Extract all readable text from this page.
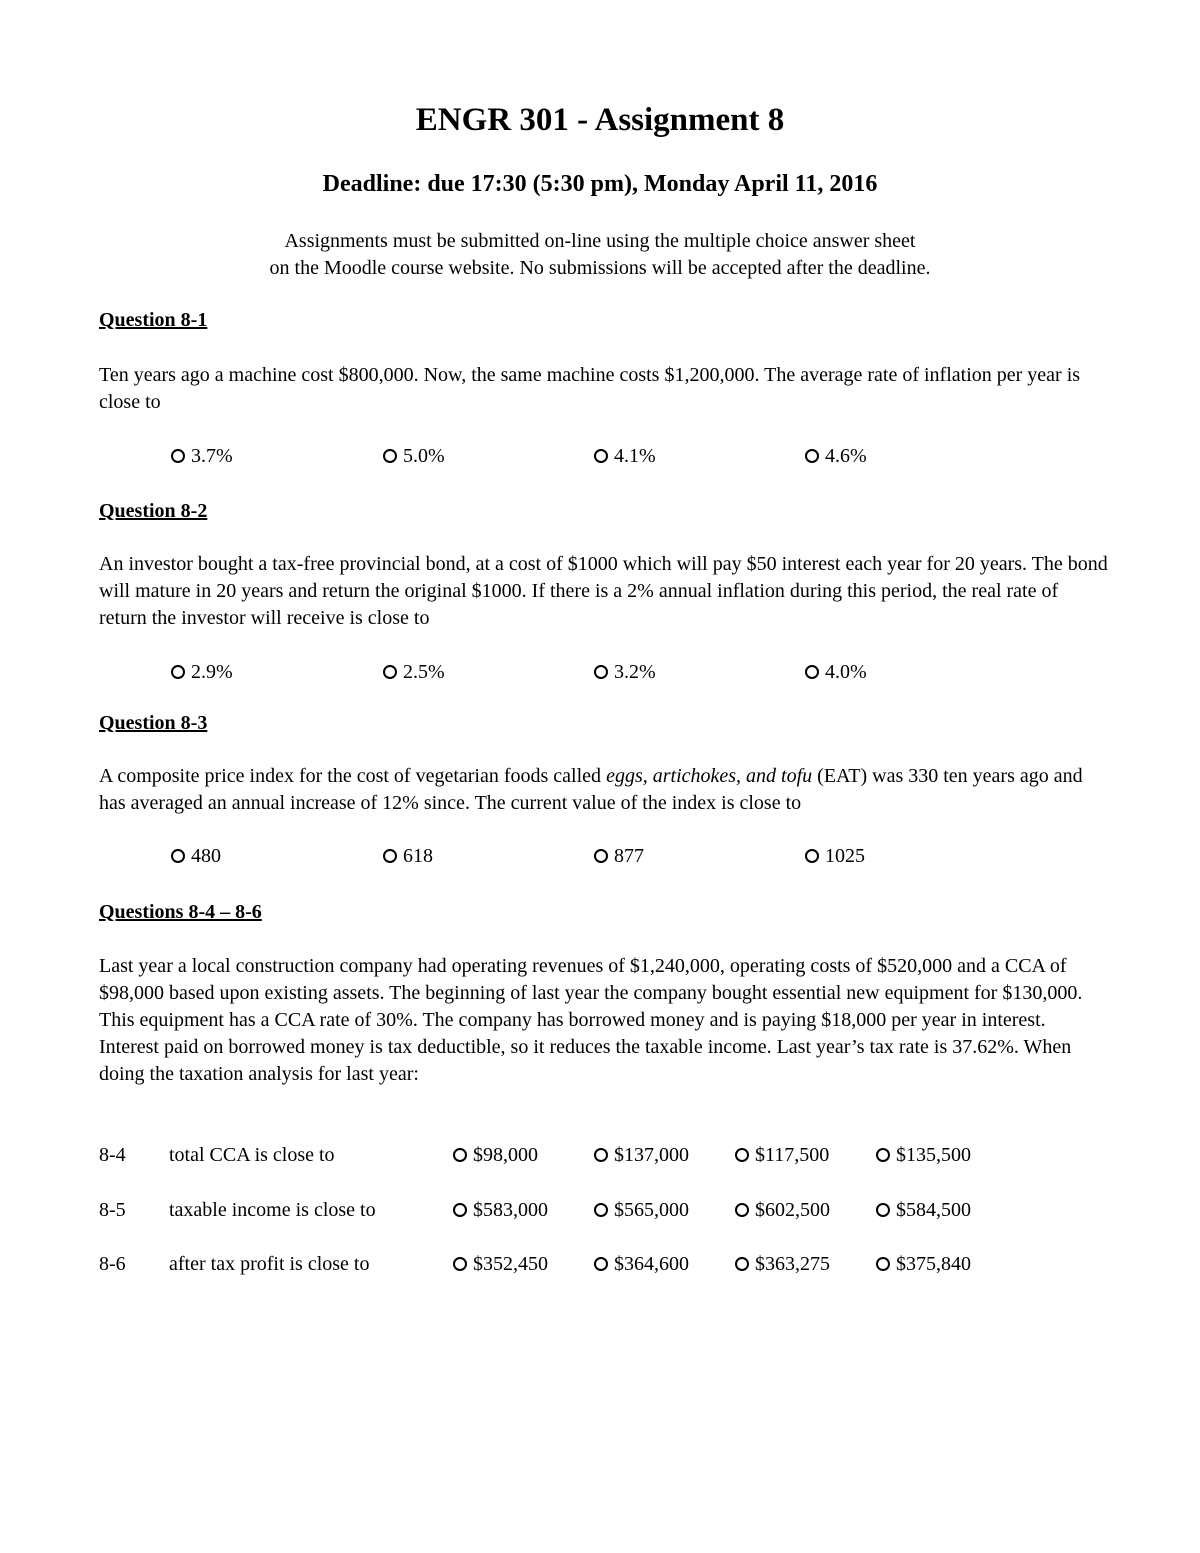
ENGR 301 - Assignment 8
Deadline: due 17:30 (5:30 pm), Monday April 11, 2016

Assignments must be submitted on-line using the multiple choice answer sheet

on the Moodle course website. No submissions will be accepted after the deadline.

Question 8-1

Ten years ago a machine cost $800,000. Now, the same machine costs $1,200,000. The average rate of inflation per year is close to

3.7%	5.0%	4.1%	4.6%
Question 8-2

An investor bought a tax-free provincial bond, at a cost of $1000 which will pay $50 interest each year for 20 years. The bond will mature in 20 years and return the original $1000. If there is a 2% annual inflation during this period, the real rate of return the investor will receive is close to

2.9%	2.5%	3.2%	4.0%
Question 8-3

A composite price index for the cost of vegetarian foods called eggs, artichokes, and tofu (EAT) was 330 ten years ago and has averaged an annual increase of 12% since. The current value of the index is close to

480	618	877	1025
Questions 8-4 – 8-6

Last year a local construction company had operating revenues of $1,240,000, operating costs of $520,000 and a CCA of $98,000 based upon existing assets. The beginning of last year the company bought essential new equipment for $130,000. This equipment has a CCA rate of 30%. The company has borrowed money and is paying $18,000 per year in interest. Interest paid on borrowed money is tax deductible, so it reduces the taxable income. Last year’s tax rate is 37.62%. When doing the taxation analysis for last year:

8-4 total CCA is close to	$98,000	$137,000	$117,500	$135,500
8-5 taxable income is close to	$583,000	$565,000	$602,500	$584,500
8-6 after tax profit is close to	$352,450	$364,600	$363,275	$375,840
